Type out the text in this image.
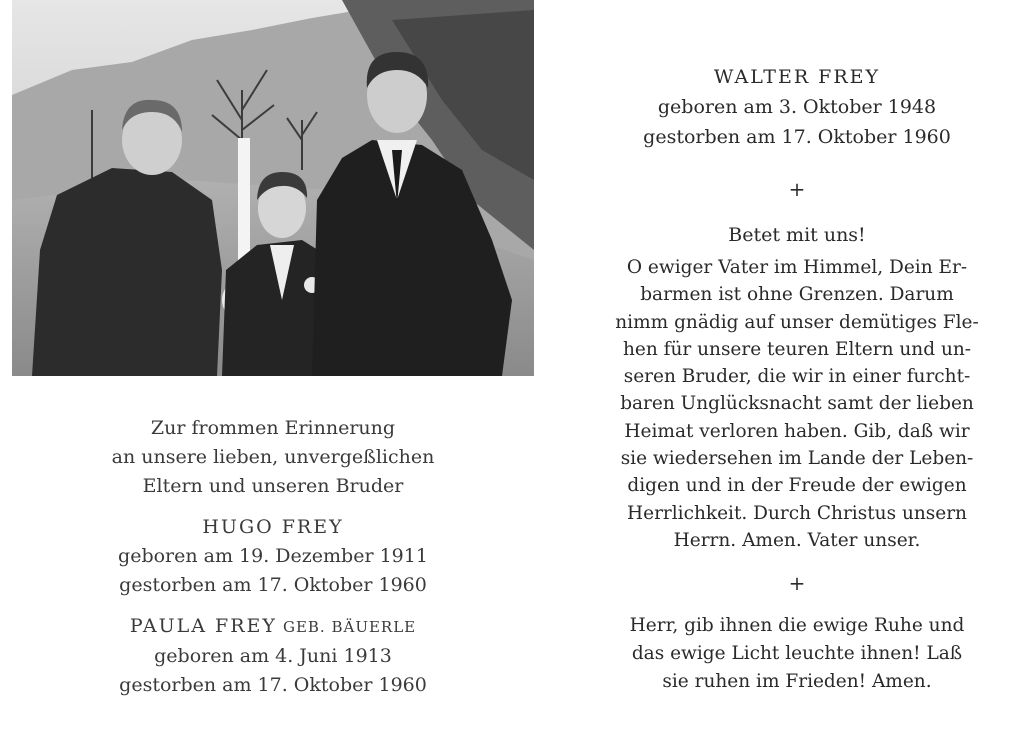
Zur frommen Erinnerung
an unsere lieben, unvergeßlichen
Eltern und unseren Bruder
HUGO FREY
geboren am 19. Dezember 1911
gestorben am 17. Oktober 1960
PAULA FREY GEB. BÄUERLE
geboren am 4. Juni 1913
gestorben am 17. Oktober 1960
WALTER FREY
geboren am 3. Oktober 1948
gestorben am 17. Oktober 1960
+
Betet mit uns!
O ewiger Vater im Himmel, Dein Er-
barmen ist ohne Grenzen. Darum
nimm gnädig auf unser demütiges Fle-
hen für unsere teuren Eltern und un-
seren Bruder, die wir in einer furcht-
baren Unglücksnacht samt der lieben
Heimat verloren haben. Gib, daß wir
sie wiedersehen im Lande der Leben-
digen und in der Freude der ewigen
Herrlichkeit. Durch Christus unsern
Herrn. Amen. Vater unser.
+
Herr, gib ihnen die ewige Ruhe und
das ewige Licht leuchte ihnen! Laß
sie ruhen im Frieden! Amen.
